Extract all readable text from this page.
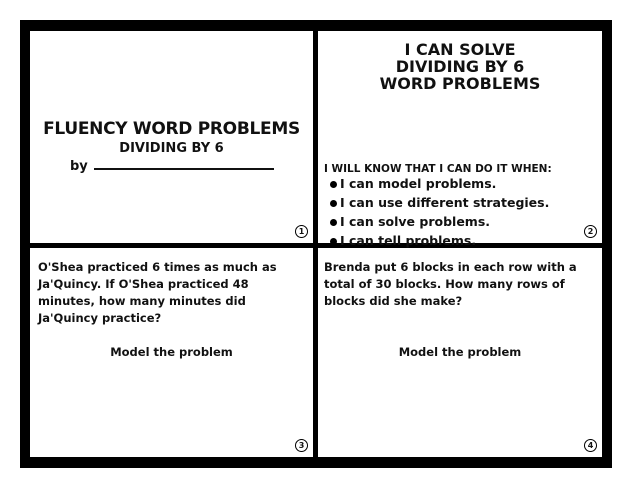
FLUENCY WORD PROBLEMS
DIVIDING BY 6
by
1
I CAN SOLVE
DIVIDING BY 6
WORD PROBLEMS
I WILL KNOW THAT I CAN DO IT WHEN:
I can model problems.
I can use different strategies.
I can solve problems.
I can tell problems.
2
O'Shea practiced 6 times as much as Ja'Quincy. If O'Shea practiced 48 minutes, how many minutes did Ja'Quincy practice?
Model the problem
3
Brenda put 6 blocks in each row with a total of 30 blocks. How many rows of blocks did she make?
Model the problem
4
